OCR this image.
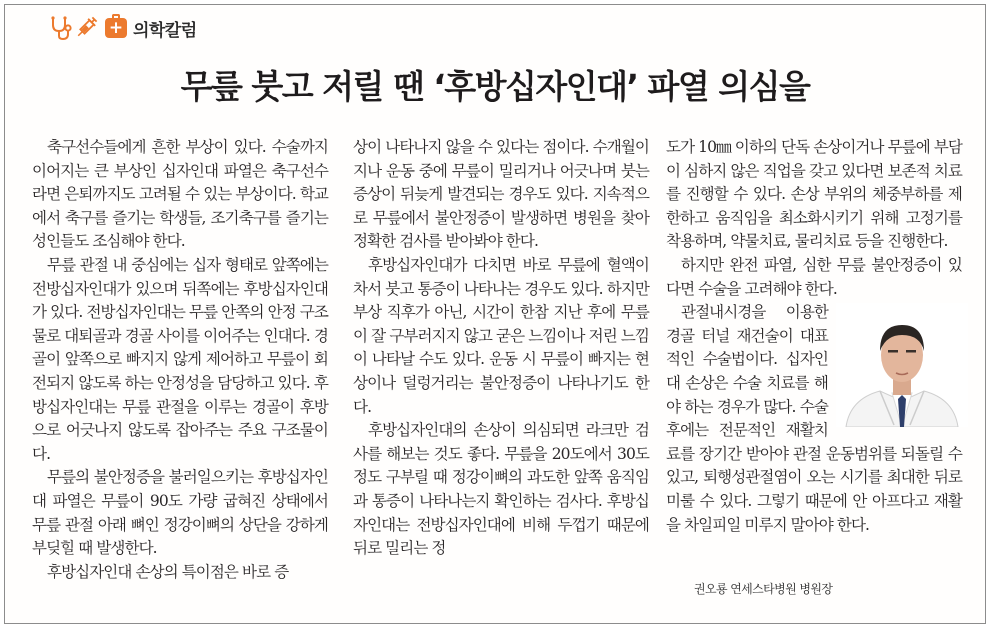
+
의학칼럼
무릎 붓고 저릴 땐 ‘후방십자인대’ 파열 의심을

축구선수들에게 흔한 부상이 있다. 수술까지 이어지는 큰 부상인 십자인대 파열은 축구선수라면 은퇴까지도 고려될 수 있는 부상이다. 학교에서 축구를 즐기는 학생들, 조기축구를 즐기는 성인들도 조심해야 한다.

무릎 관절 내 중심에는 십자 형태로 앞쪽에는 전방십자인대가 있으며 뒤쪽에는 후방십자인대가 있다. 전방십자인대는 무릎 안쪽의 안정 구조물로 대퇴골과 경골 사이를 이어주는 인대다. 경골이 앞쪽으로 빠지지 않게 제어하고 무릎이 회전되지 않도록 하는 안정성을 담당하고 있다. 후방십자인대는 무릎 관절을 이루는 경골이 후방으로 어긋나지 않도록 잡아주는 주요 구조물이다.

무릎의 불안정증을 불러일으키는 후방십자인대 파열은 무릎이 90도 가량 굽혀진 상태에서 무릎 관절 아래 뼈인 정강이뼈의 상단을 강하게 부딪힐 때 발생한다.

후방십자인대 손상의 특이점은 바로 증

상이 나타나지 않을 수 있다는 점이다. 수개월이 지나 운동 중에 무릎이 밀리거나 어긋나며 붓는 증상이 뒤늦게 발견되는 경우도 있다. 지속적으로 무릎에서 불안정증이 발생하면 병원을 찾아 정확한 검사를 받아봐야 한다.

후방십자인대가 다치면 바로 무릎에 혈액이 차서 붓고 통증이 나타나는 경우도 있다. 하지만 부상 직후가 아닌, 시간이 한참 지난 후에 무릎이 잘 구부러지지 않고 굳은 느낌이나 저린 느낌이 나타날 수도 있다. 운동 시 무릎이 빠지는 현상이나 덜렁거리는 불안정증이 나타나기도 한다.

후방십자인대의 손상이 의심되면 라크만 검사를 해보는 것도 좋다. 무릎을 20도에서 30도 정도 구부릴 때 정강이뼈의 과도한 앞쪽 움직임과 통증이 나타나는지 확인하는 검사다. 후방십자인대는 전방십자인대에 비해 두껍기 때문에 뒤로 밀리는 정

도가 10㎜ 이하의 단독 손상이거나 무릎에 부담이 심하지 않은 직업을 갖고 있다면 보존적 치료를 진행할 수 있다. 손상 부위의 체중부하를 제한하고 움직임을 최소화시키기 위해 고정기를 착용하며, 약물치료, 물리치료 등을 진행한다.

하지만 완전 파열, 심한 무릎 불안정증이 있다면 수술을 고려해야 한다.

관절내시경을 이용한 경골 터널 재건술이 대표적인 수술법이다. 십자인대 손상은 수술 치료를 해야 하는 경우가 많다. 수술 후에는 전문적인 재활치료를 장기간 받아야 관절 운동범위를 되돌릴 수 있고, 퇴행성관절염이 오는 시기를 최대한 뒤로 미룰 수 있다. 그렇기 때문에 안 아프다고 재활을 차일피일 미루지 말아야 한다.

권오룡 연세스타병원 병원장
